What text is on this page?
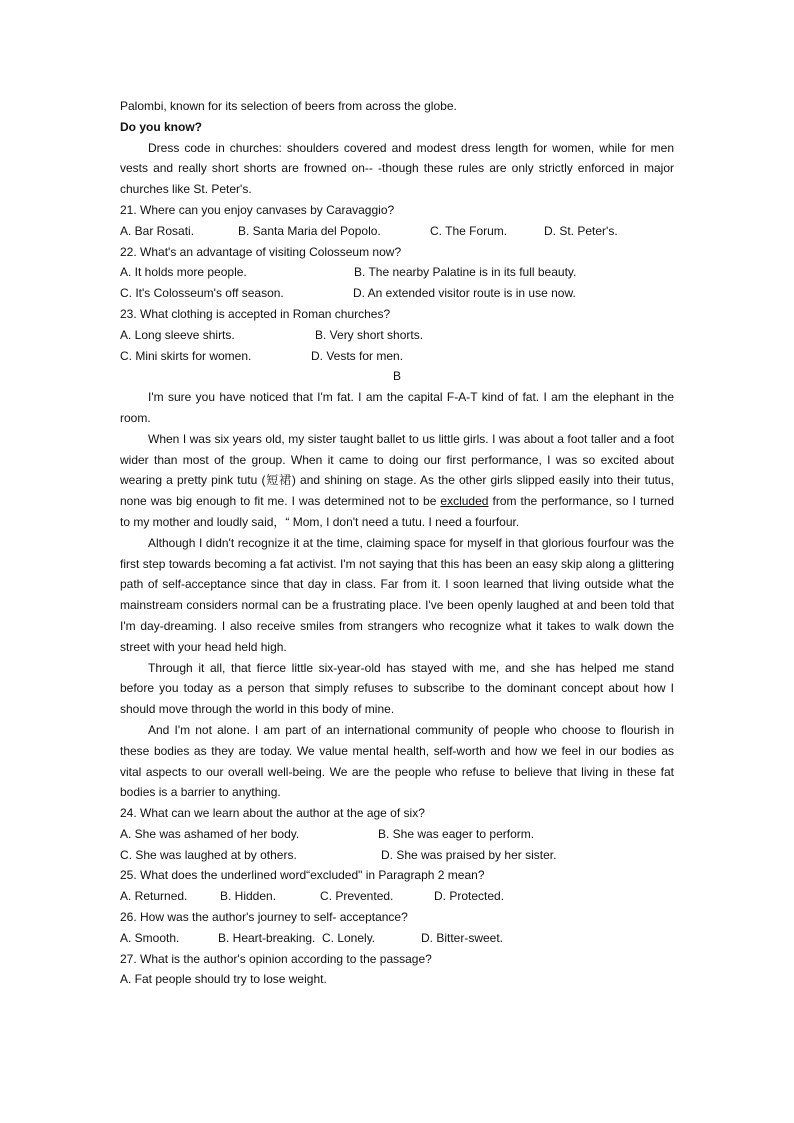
Palombi, known for its selection of beers from across the globe.
Do you know?
Dress code in churches: shoulders covered and modest dress length for women, while for men vests and really short shorts are frowned on-- -though these rules are only strictly enforced in major churches like St. Peter's.
21. Where can you enjoy canvases by Caravaggio?
A. Bar Rosati.	B. Santa Maria del Popolo.	C. The Forum.	D. St. Peter's.
22. What's an advantage of visiting Colosseum now?
A. It holds more people.	B. The nearby Palatine is in its full beauty.
C. It's Colosseum's off season.	D. An extended visitor route is in use now.
23. What clothing is accepted in Roman churches?
A. Long sleeve shirts.	B. Very short shorts.
C. Mini skirts for women.	D. Vests for men.
B
I'm sure you have noticed that I'm fat. I am the capital F-A-T kind of fat. I am the elephant in the room.
When I was six years old, my sister taught ballet to us little girls. I was about a foot taller and a foot wider than most of the group. When it came to doing our first performance, I was so excited about wearing a pretty pink tutu (短裙) and shining on stage. As the other girls slipped easily into their tutus, none was big enough to fit me. I was determined not to be excluded from the performance, so I turned to my mother and loudly said，“ Mom, I don't need a tutu. I need a fourfour.
Although I didn't recognize it at the time, claiming space for myself in that glorious fourfour was the first step towards becoming a fat activist. I'm not saying that this has been an easy skip along a glittering path of self-acceptance since that day in class. Far from it. I soon learned that living outside what the mainstream considers normal can be a frustrating place. I've been openly laughed at and been told that I'm day-dreaming. I also receive smiles from strangers who recognize what it takes to walk down the street with your head held high.
Through it all, that fierce little six-year-old has stayed with me, and she has helped me stand before you today as a person that simply refuses to subscribe to the dominant concept about how I should move through the world in this body of mine.
And I'm not alone. I am part of an international community of people who choose to flourish in these bodies as they are today. We value mental health, self-worth and how we feel in our bodies as vital aspects to our overall well-being. We are the people who refuse to believe that living in these fat bodies is a barrier to anything.
24. What can we learn about the author at the age of six?
A. She was ashamed of her body.	B. She was eager to perform.
C. She was laughed at by others.	D. She was praised by her sister.
25. What does the underlined word“excluded" in Paragraph 2 mean?
A. Returned.	B. Hidden.	C. Prevented.	D. Protected.
26. How was the author's journey to self- acceptance?
A. Smooth.	B. Heart-breaking. C. Lonely.	D. Bitter-sweet.
27. What is the author's opinion according to the passage?
A. Fat people should try to lose weight.
